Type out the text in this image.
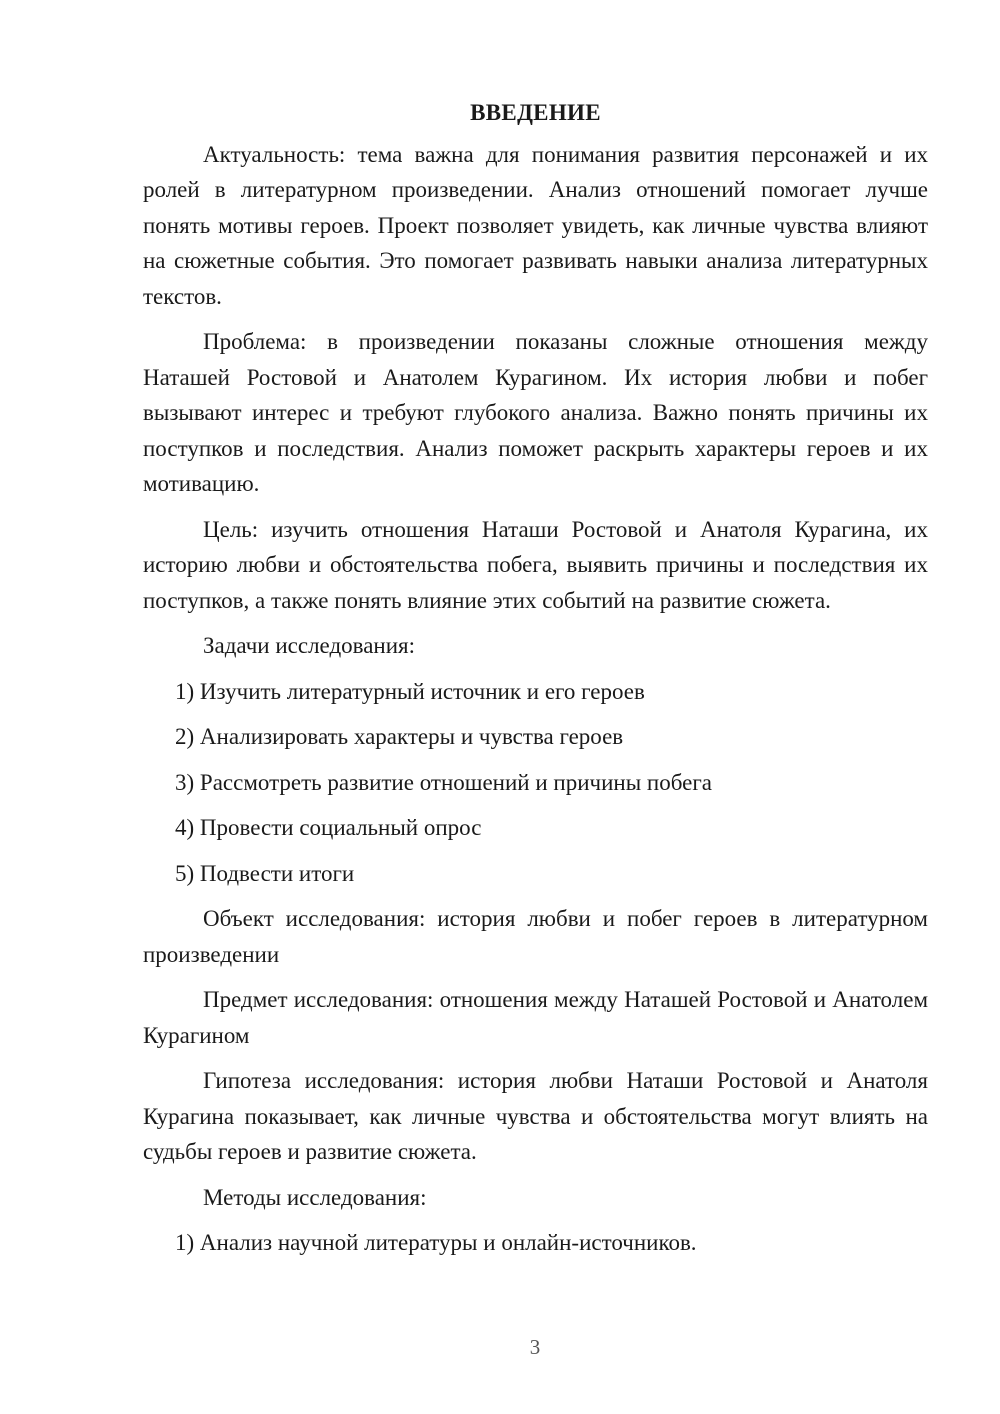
ВВЕДЕНИЕ
Актуальность: тема важна для понимания развития персонажей и их ролей в литературном произведении. Анализ отношений помогает лучше понять мотивы героев. Проект позволяет увидеть, как личные чувства влияют на сюжетные события. Это помогает развивать навыки анализа литературных текстов.
Проблема: в произведении показаны сложные отношения между Наташей Ростовой и Анатолем Курагином. Их история любви и побег вызывают интерес и требуют глубокого анализа. Важно понять причины их поступков и последствия. Анализ поможет раскрыть характеры героев и их мотивацию.
Цель: изучить отношения Наташи Ростовой и Анатоля Курагина, их историю любви и обстоятельства побега, выявить причины и последствия их поступков, а также понять влияние этих событий на развитие сюжета.
Задачи исследования:
1) Изучить литературный источник и его героев
2) Анализировать характеры и чувства героев
3) Рассмотреть развитие отношений и причины побега
4) Провести социальный опрос
5) Подвести итоги
Объект исследования: история любви и побег героев в литературном произведении
Предмет исследования: отношения между Наташей Ростовой и Анатолем Курагином
Гипотеза исследования: история любви Наташи Ростовой и Анатоля Курагина показывает, как личные чувства и обстоятельства могут влиять на судьбы героев и развитие сюжета.
Методы исследования:
1) Анализ научной литературы и онлайн-источников.
3
